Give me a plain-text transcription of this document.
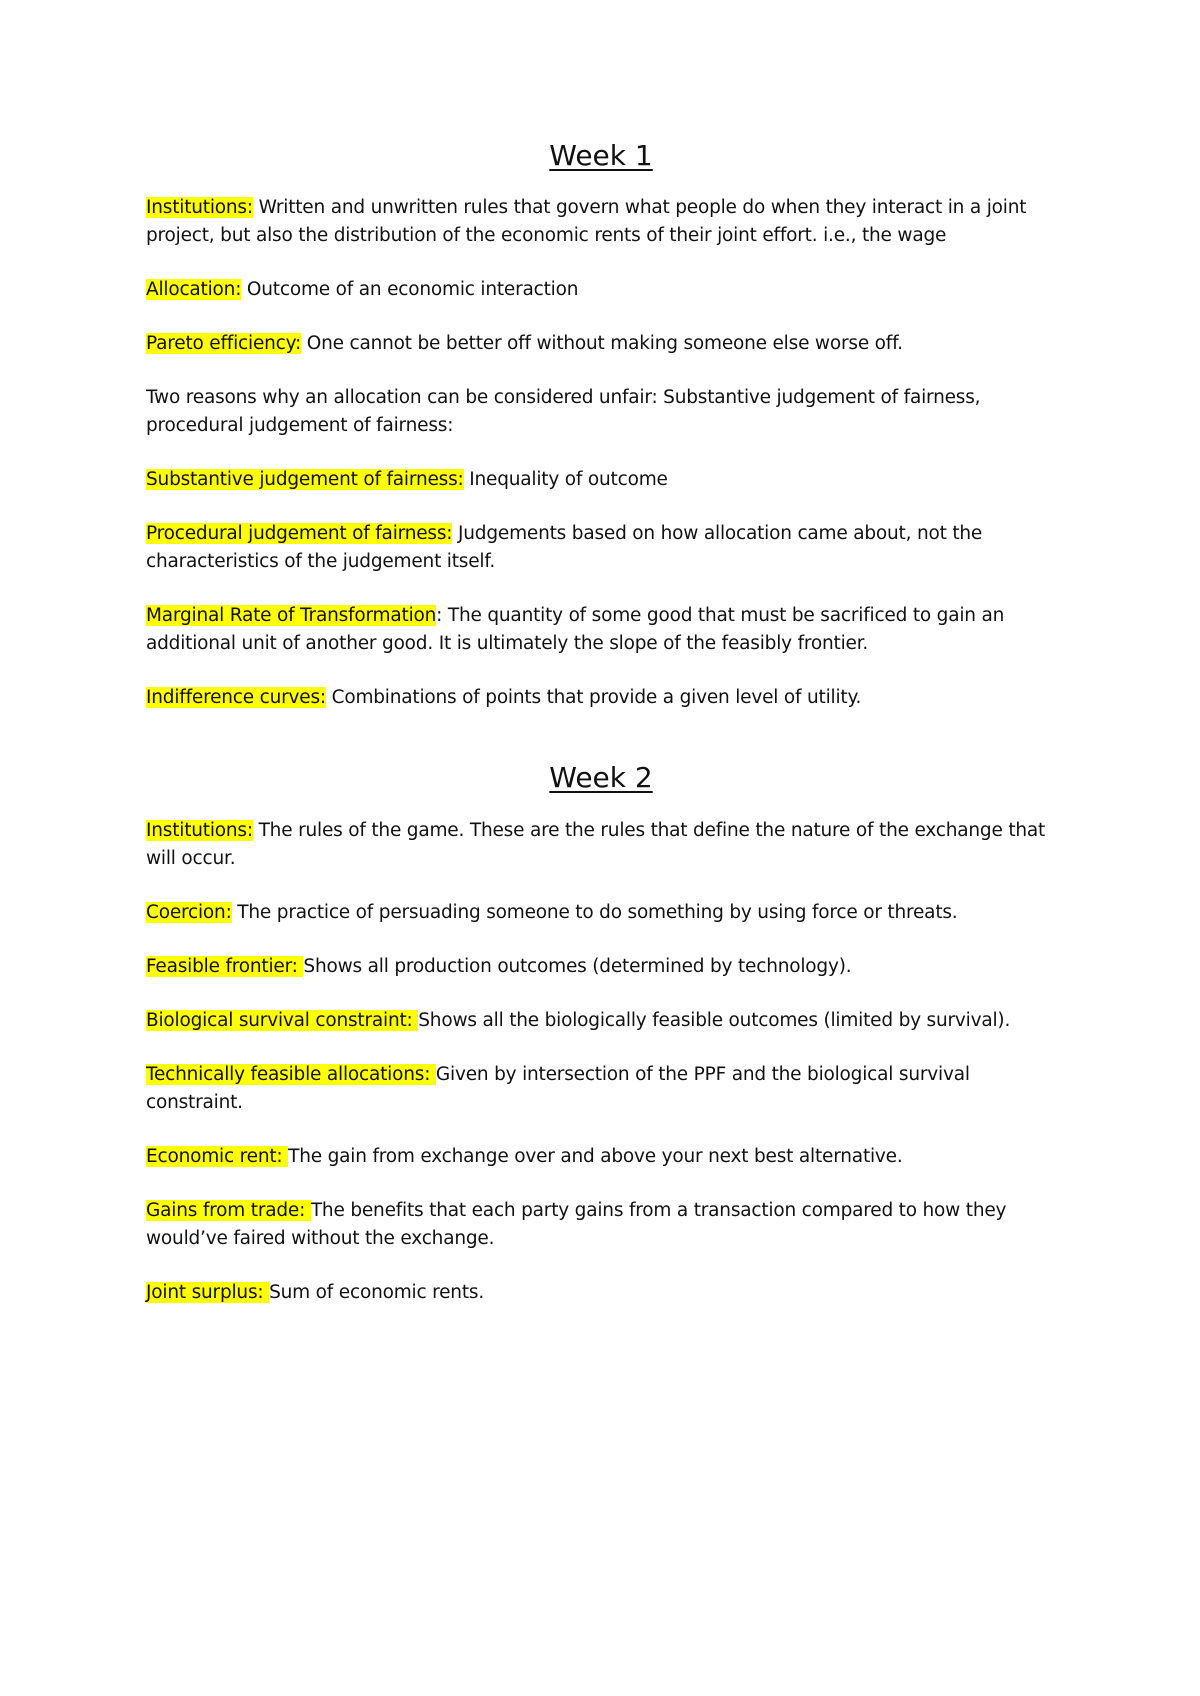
Week 1

Institutions: Written and unwritten rules that govern what people do when they interact in a joint project, but also the distribution of the economic rents of their joint effort. i.e., the wage

Allocation: Outcome of an economic interaction

Pareto efficiency: One cannot be better off without making someone else worse off.

Two reasons why an allocation can be considered unfair: Substantive judgement of fairness, procedural judgement of fairness:

Substantive judgement of fairness: Inequality of outcome

Procedural judgement of fairness: Judgements based on how allocation came about, not the characteristics of the judgement itself.

Marginal Rate of Transformation: The quantity of some good that must be sacrificed to gain an additional unit of another good. It is ultimately the slope of the feasibly frontier.

Indifference curves: Combinations of points that provide a given level of utility.

Week 2

Institutions: The rules of the game. These are the rules that define the nature of the exchange that will occur.

Coercion: The practice of persuading someone to do something by using force or threats.

Feasible frontier: Shows all production outcomes (determined by technology).

Biological survival constraint: Shows all the biologically feasible outcomes (limited by survival).

Technically feasible allocations: Given by intersection of the PPF and the biological survival constraint.

Economic rent: The gain from exchange over and above your next best alternative.

Gains from trade: The benefits that each party gains from a transaction compared to how they would’ve faired without the exchange.

Joint surplus: Sum of economic rents.
